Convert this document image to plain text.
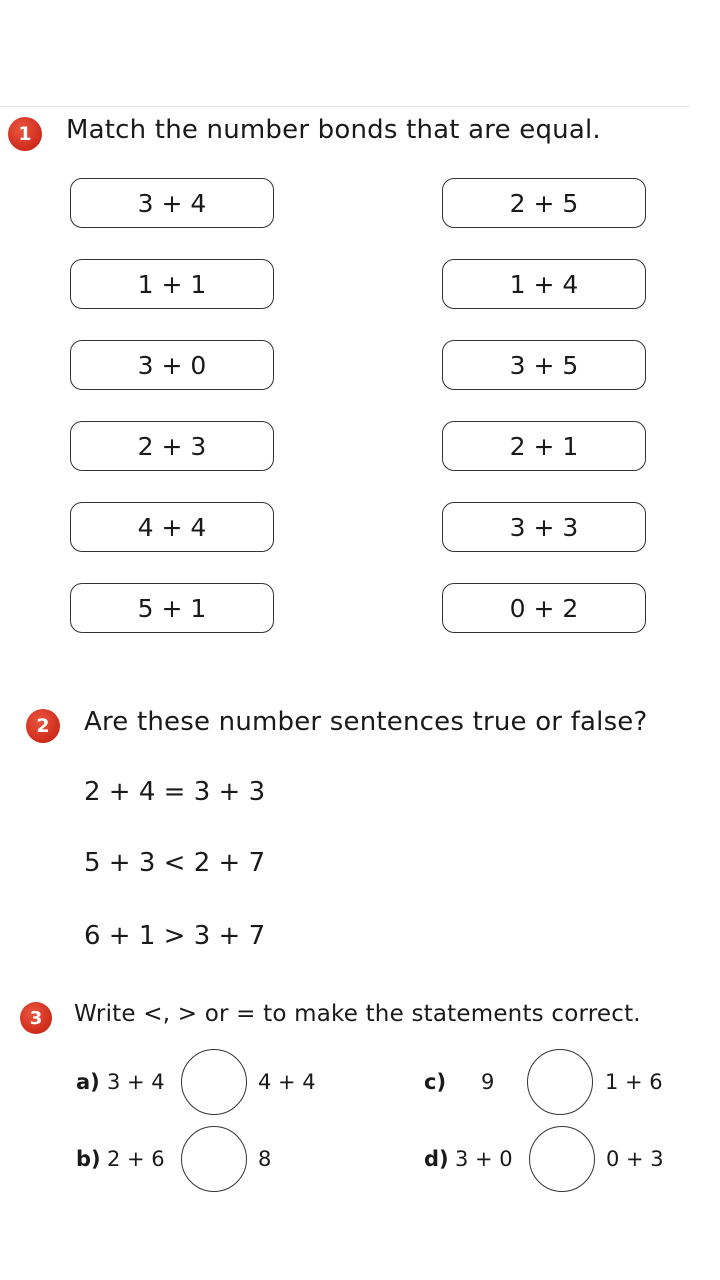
1 Match the number bonds that are equal.
3 + 4
1 + 1
3 + 0
2 + 3
4 + 4
5 + 1
2 + 5
1 + 4
3 + 5
2 + 1
3 + 3
0 + 2
2 Are these number sentences true or false?
2 + 4 = 3 + 3
5 + 3 < 2 + 7
6 + 1 > 3 + 7
3 Write <, > or = to make the statements correct.
a) 3 + 4	4 + 4
b) 2 + 6	8
c) 9	1 + 6
d) 3 + 0	0 + 3
